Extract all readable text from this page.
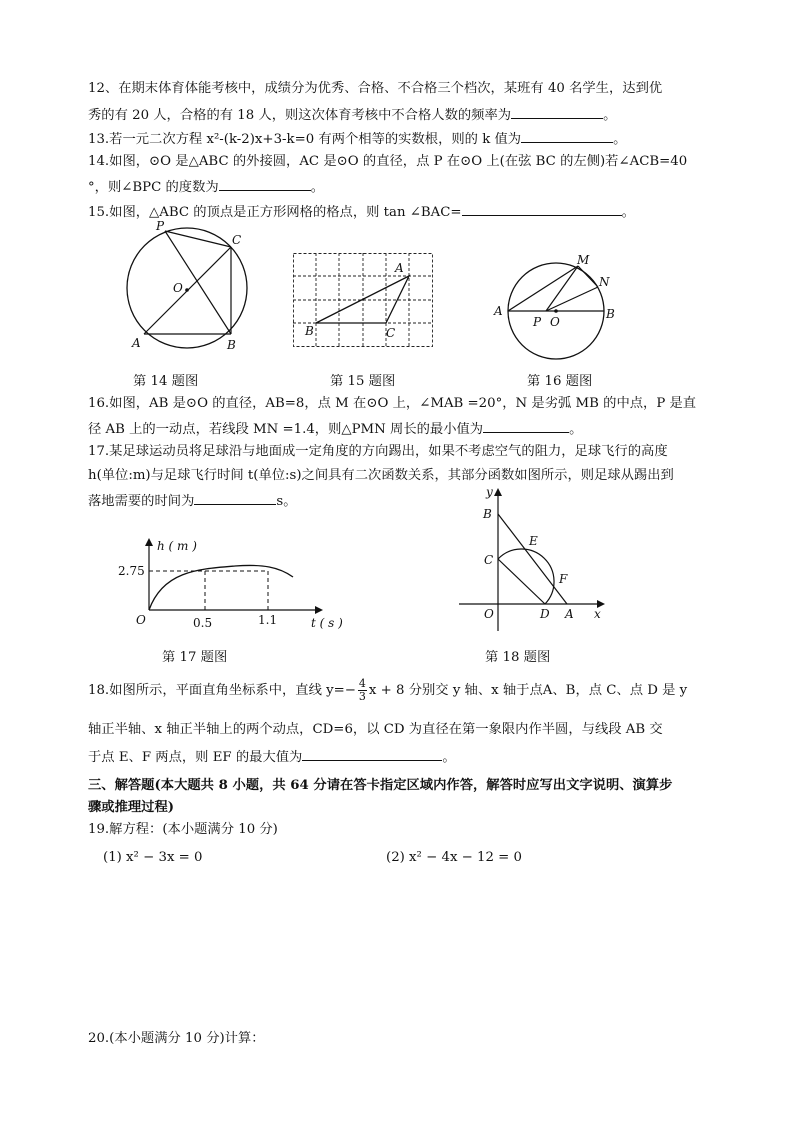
12、在期末体育体能考核中，成绩分为优秀、合格、不合格三个档次，某班有 40 名学生，达到优
秀的有 20 人，合格的有 18 人，则这次体育考核中不合格人数的频率为	。
13.若一元二次方程 x²-(k-2)x+3-k=0 有两个相等的实数根，则的 k 值为	。
14.如图，⊙O 是△ABC 的外接圆，AC 是⊙O 的直径，点 P 在⊙O 上(在弦 BC 的左侧)若∠ACB=40
°，则∠BPC 的度数为	。
15.如图，△ABC 的顶点是正方形网格的格点，则 tan ∠BAC=	。
P
C
O
A	B
第 14 题图
A
B	C
第 15 题图
M
N
A
P O
B
第 16 题图
16.如图，AB 是⊙O 的直径，AB=8，点 M 在⊙O 上，∠MAB =20°，N 是劣弧 MB 的中点，P 是直
径 AB 上的一动点，若线段 MN =1.4，则△PMN 周长的最小值为	。
17.某足球运动员将足球沿与地面成一定角度的方向踢出，如果不考虑空气的阻力，足球飞行的高度
h(单位:m)与足球飞行时间 t(单位:s)之间具有二次函数关系，其部分函数如图所示，则足球从踢出到
落地需要的时间为	s。
h ( m )
2.75
0.5	1.1	t ( s )
O
第 17 题图
y
B
C
E
F
O	D A x
第 18 题图
18.如图所示，平面直角坐标系中，直线 $y=- \frac{4}{3}$ x + 8 分别交 y 轴、x 轴于点A、B，点 C、点 D 是 y
轴正半轴、x 轴正半轴上的两个动点，CD=6，以 CD 为直径在第一象限内作半圆，与线段 AB 交
于点 E、F 两点，则 EF 的最大值为	。
三、解答题(本大题共 8 小题，共 64 分请在答卡指定区域内作答，解答时应写出文字说明、演算步
骤或推理过程)
19.解方程：(本小题满分 10 分)
(1) x² − 3x = 0	(2) x² − 4x − 12 = 0
20.(本小题满分 10 分)计算：
